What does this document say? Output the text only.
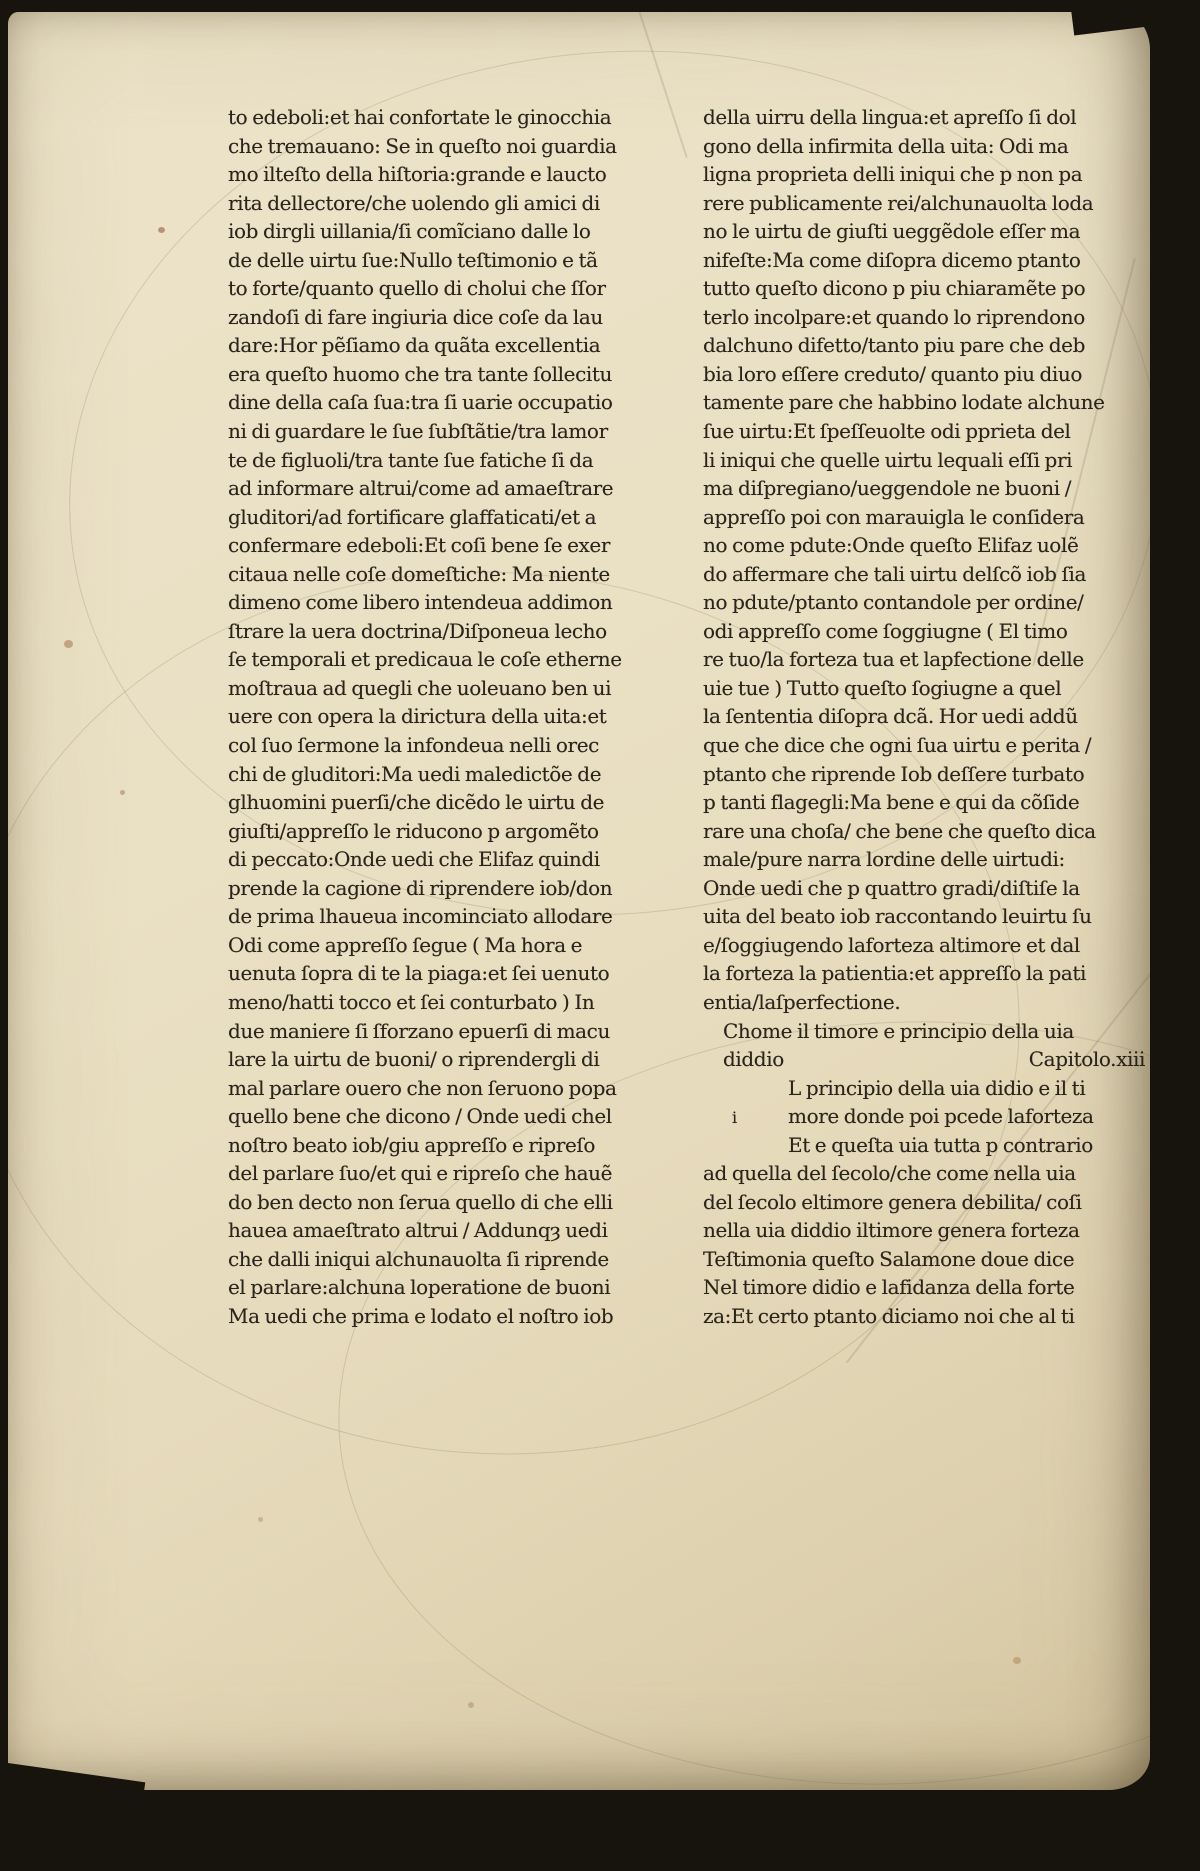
to edeboli:et hai confortate le ginocchia
che tremauano: Se in queſto noi guardia
mo ilteſto della hiſtoria:grande e laucto
rita dellectore/che uolendo gli amici di
iob dirgli uillania/ſi comĩciano dalle lo
de delle uirtu ſue:Nullo teſtimonio e tã
to forte/quanto quello di cholui che ſſor
zandoſi di fare ingiuria dice coſe da lau
dare:Hor pẽſiamo da quãta excellentia
era queſto huomo che tra tante ſollecitu
dine della caſa ſua:tra ſi uarie occupatio
ni di guardare le ſue ſubſtãtie/tra lamor
te de figluoli/tra tante ſue fatiche ſi da
ad informare altrui/come ad amaeſtrare
gluditori/ad fortificare glaffaticati/et a
confermare edeboli:Et coſi bene ſe exer
citaua nelle coſe domeſtiche: Ma niente
dimeno come libero intendeua addimon
ſtrare la uera doctrina/Diſponeua lecho
ſe temporali et predicaua le coſe etherne
moſtraua ad quegli che uoleuano ben ui
uere con opera la dirictura della uita:et
col ſuo ſermone la infondeua nelli orec
chi de gluditori:Ma uedi maledictõe de
glhuomini puerſi/che dicẽdo le uirtu de
giuſti/appreſſo le riducono p argomẽto
di peccato:Onde uedi che Elifaz quindi
prende la cagione di riprendere iob/don
de prima lhaueua incominciato allodare
Odi come appreſſo ſegue ( Ma hora e
uenuta ſopra di te la piaga:et ſei uenuto
meno/hatti tocco et ſei conturbato ) In
due maniere ſi ſforzano epuerſi di macu
lare la uirtu de buoni/ o riprendergli di
mal parlare ouero che non ſeruono popa
quello bene che dicono / Onde uedi chel
noſtro beato iob/giu appreſſo e ripreſo
del parlare ſuo/et qui e ripreſo che hauẽ
do ben decto non ſerua quello di che elli
hauea amaeſtrato altrui / Addunqȝ uedi
che dalli iniqui alchunauolta ſi riprende
el parlare:alchuna loperatione de buoni
Ma uedi che prima e lodato el noſtro iob
della uirru della lingua:et apreſſo ſi dol
gono della infirmita della uita: Odi ma
ligna proprieta delli iniqui che p non pa
rere publicamente rei/alchunauolta loda
no le uirtu de giuſti ueggẽdole eſſer ma
nifeſte:Ma come diſopra dicemo ptanto
tutto queſto dicono p piu chiaramẽte po
terlo incolpare:et quando lo riprendono
dalchuno difetto/tanto piu pare che deb
bia loro eſſere creduto/ quanto piu diuo
tamente pare che habbino lodate alchune
ſue uirtu:Et ſpeſſeuolte odi pprieta del
li iniqui che quelle uirtu lequali eſſi pri
ma diſpregiano/ueggendole ne buoni /
appreſſo poi con marauigla le conſidera
no come pdute:Onde queſto Elifaz uolẽ
do affermare che tali uirtu delſcõ iob ſia
no pdute/ptanto contandole per ordine/
odi appreſſo come ſoggiugne ( El timo
re tuo/la forteza tua et lapfectione delle
uie tue ) Tutto queſto ſogiugne a quel
la ſententia diſopra dcã. Hor uedi addũ
que che dice che ogni ſua uirtu e perita /
ptanto che riprende Iob deſſere turbato
p tanti flagegli:Ma bene e qui da cõſide
rare una choſa/ che bene che queſto dica
male/pure narra lordine delle uirtudi:
Onde uedi che p quattro gradi/diſtiſe la
uita del beato iob raccontando leuirtu ſu
e/ſoggiugendo laforteza altimore et dal
la forteza la patientia:et appreſſo la pati
entia/laſperfectione.
Chome il timore e principio della uia
diddio	Capitolo.xiii
L principio della uia didio e il ti
i	more donde poi pcede laforteza
Et e queſta uia tutta p contrario
ad quella del ſecolo/che come nella uia
del ſecolo eltimore genera debilita/ coſi
nella uia diddio iltimore genera forteza
Teſtimonia queſto Salamone doue dice
Nel timore didio e lafidanza della forte
za:Et certo ptanto diciamo noi che al ti
